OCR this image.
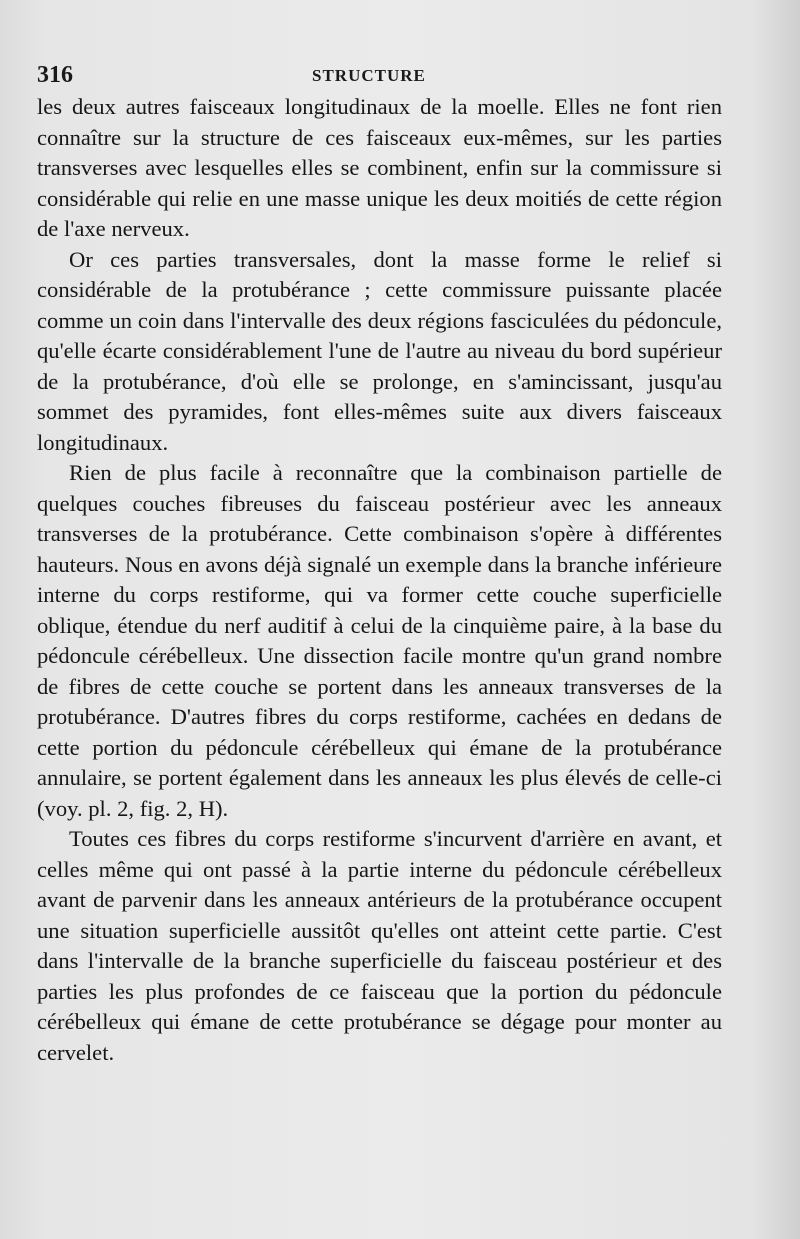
316	STRUCTURE

les deux autres faisceaux longitudinaux de la moelle. Elles ne font rien connaître sur la structure de ces faisceaux eux-mêmes, sur les parties transverses avec lesquelles elles se combinent, enfin sur la commissure si considérable qui relie en une masse unique les deux moitiés de cette région de l'axe nerveux.

Or ces parties transversales, dont la masse forme le relief si considérable de la protubérance ; cette commissure puissante placée comme un coin dans l'intervalle des deux régions fasciculées du pédoncule, qu'elle écarte considérablement l'une de l'autre au niveau du bord supérieur de la protubérance, d'où elle se prolonge, en s'amincissant, jusqu'au sommet des pyramides, font elles-mêmes suite aux divers faisceaux longitudinaux.

Rien de plus facile à reconnaître que la combinaison partielle de quelques couches fibreuses du faisceau postérieur avec les anneaux transverses de la protubérance. Cette combinaison s'opère à différentes hauteurs. Nous en avons déjà signalé un exemple dans la branche inférieure interne du corps restiforme, qui va former cette couche superficielle oblique, étendue du nerf auditif à celui de la cinquième paire, à la base du pédoncule cérébelleux. Une dissection facile montre qu'un grand nombre de fibres de cette couche se portent dans les anneaux transverses de la protubérance. D'autres fibres du corps restiforme, cachées en dedans de cette portion du pédoncule cérébelleux qui émane de la protubérance annulaire, se portent également dans les anneaux les plus élevés de celle-ci (voy. pl. 2, fig. 2, H).

Toutes ces fibres du corps restiforme s'incurvent d'arrière en avant, et celles même qui ont passé à la partie interne du pédoncule cérébelleux avant de parvenir dans les anneaux antérieurs de la protubérance occupent une situation superficielle aussitôt qu'elles ont atteint cette partie. C'est dans l'intervalle de la branche superficielle du faisceau postérieur et des parties les plus profondes de ce faisceau que la portion du pédoncule cérébelleux qui émane de cette protubérance se dégage pour monter au cervelet.
